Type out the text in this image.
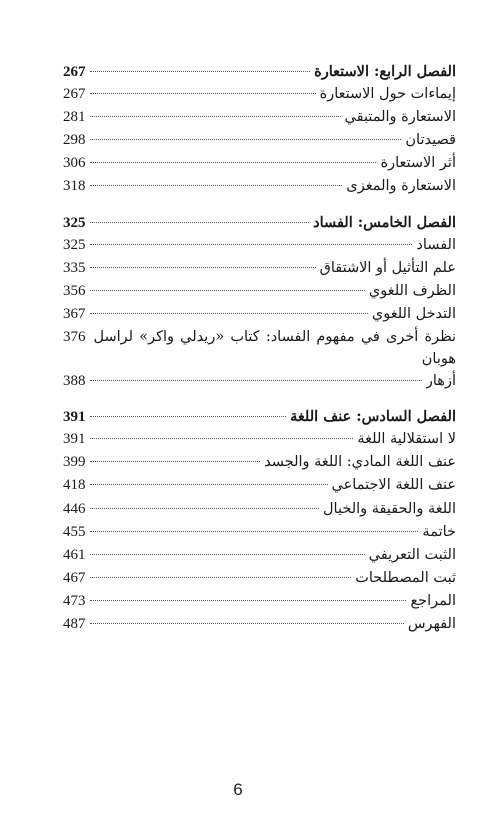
الفصل الرابع: الاستعارة
267
إيماءات حول الاستعارة
267
الاستعارة والمتبقي
281
قصيدتان
298
أثر الاستعارة
306
الاستعارة والمغزى
318
الفصل الخامس: الفساد
325
الفساد
325
علم التأثيل أو الاشتقاق
335
الظرف اللغوي
356
التدخل اللغوي
367
نظرة أخرى في مفهوم الفساد: كتاب «ريدلي واكر» لراسل هوبان
376
أزهار
388
الفصل السادس: عنف اللغة
391
لا استقلالية اللغة
391
عنف اللغة المادي: اللغة والجسد
399
عنف اللغة الاجتماعي
418
اللغة والحقيقة والخيال
446
خاتمة
455
الثبت التعريفي
461
ثبت المصطلحات
467
المراجع
473
الفهرس
487
6
